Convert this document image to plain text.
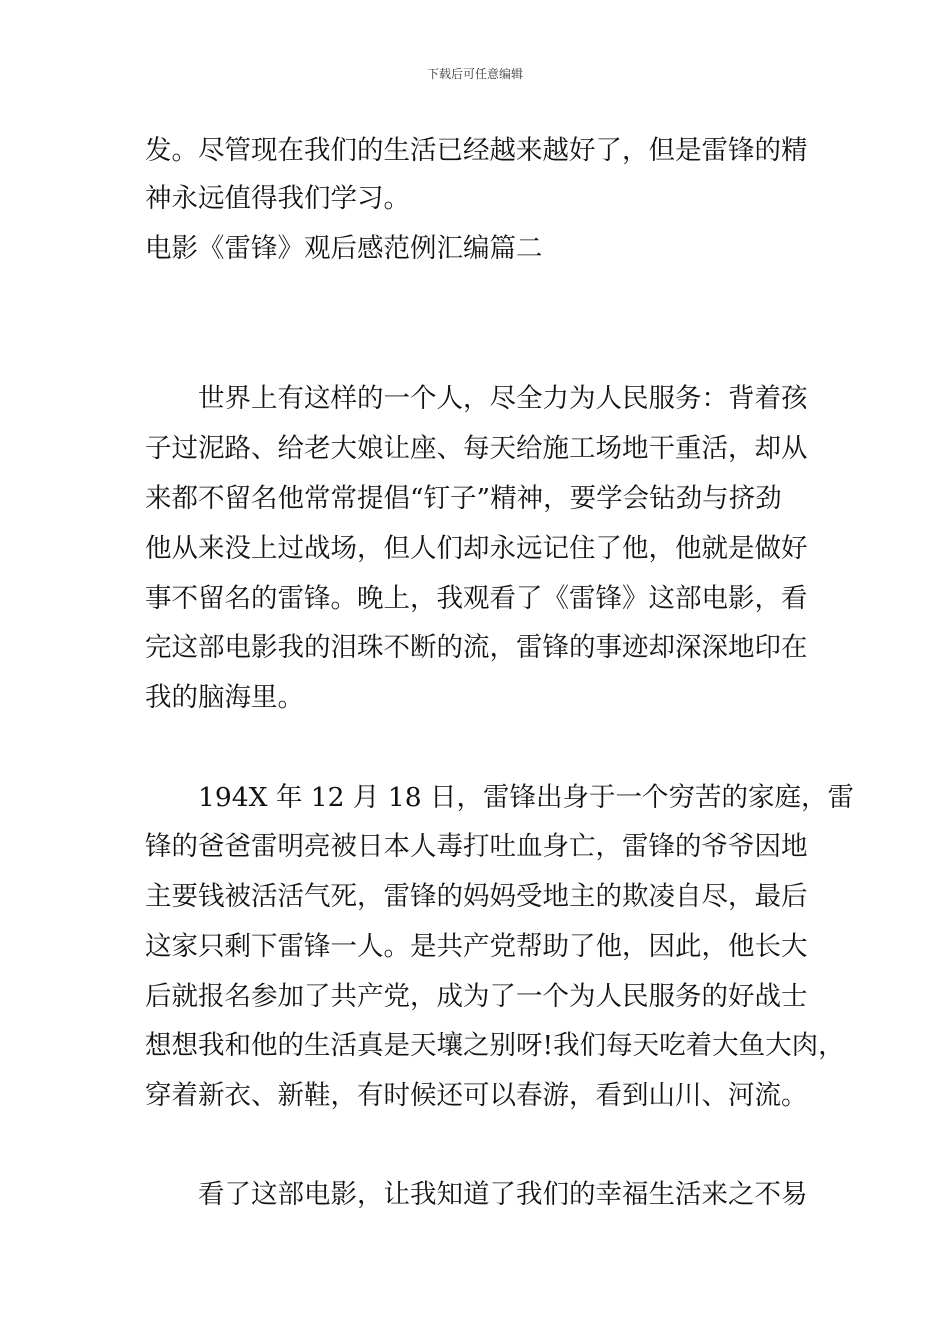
下载后可任意编辑
发。尽管现在我们的生活已经越来越好了，但是雷锋的精
神永远值得我们学习。
电影《雷锋》观后感范例汇编篇二
世界上有这样的一个人，尽全力为人民服务：背着孩
子过泥路、给老大娘让座、每天给施工场地干重活，却从
来都不留名他常常提倡“钉子”精神，要学会钻劲与挤劲
他从来没上过战场，但人们却永远记住了他，他就是做好
事不留名的雷锋。晚上，我观看了《雷锋》这部电影，看
完这部电影我的泪珠不断的流，雷锋的事迹却深深地印在
我的脑海里。
194X 年 12 月 18 日，雷锋出身于一个穷苦的家庭，雷
锋的爸爸雷明亮被日本人毒打吐血身亡，雷锋的爷爷因地
主要钱被活活气死，雷锋的妈妈受地主的欺凌自尽，最后
这家只剩下雷锋一人。是共产党帮助了他，因此，他长大
后就报名参加了共产党，成为了一个为人民服务的好战士
想想我和他的生活真是天壤之别呀!我们每天吃着大鱼大肉，
穿着新衣、新鞋，有时候还可以春游，看到山川、河流。
看了这部电影，让我知道了我们的幸福生活来之不易
